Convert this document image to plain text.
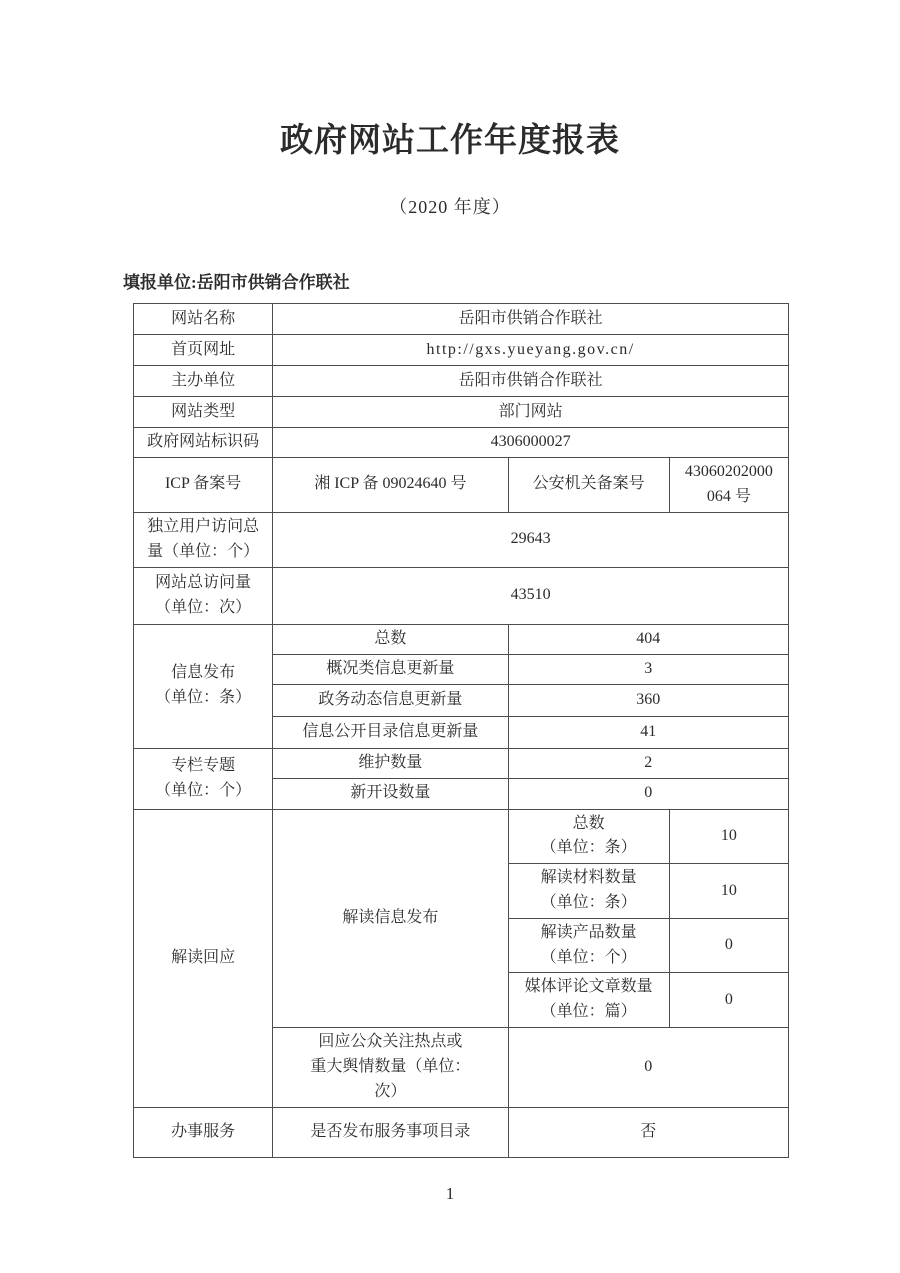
政府网站工作年度报表
（2020 年度）
填报单位:岳阳市供销合作联社
网站名称	岳阳市供销合作联社		
首页网址	http://gxs.yueyang.gov.cn/		
主办单位	岳阳市供销合作联社		
网站类型	部门网站		
政府网站标识码	4306000027		
ICP 备案号	湘 ICP 备 09024640 号	公安机关备案号	43060202000
064 号
独立用户访问总
量（单位：个）	29643		
网站总访问量
（单位：次）	43510		
信息发布
（单位：条）	总数	404	
	概况类信息更新量	3	
	政务动态信息更新量	360	
	信息公开目录信息更新量	41	
专栏专题
（单位：个）	维护数量	2	
	新开设数量	0	
解读回应	解读信息发布	总数
（单位：条）	10
		解读材料数量
（单位：条）	10
		解读产品数量
（单位：个）	0
		媒体评论文章数量
（单位：篇）	0
	回应公众关注热点或
重大舆情数量（单位：
次）	0	
办事服务	是否发布服务事项目录	否	
1
